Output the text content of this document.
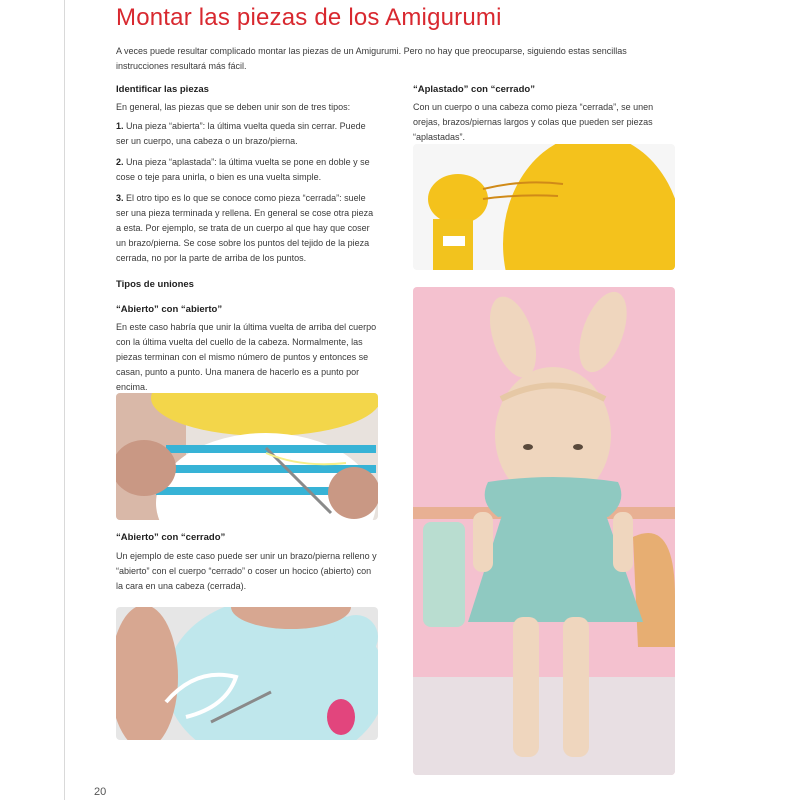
Montar las piezas de los Amigurumi

A veces puede resultar complicado montar las piezas de un Amigurumi. Pero no hay que preocuparse, siguiendo estas sencillas instrucciones resultará más fácil.

Identificar las piezas

En general, las piezas que se deben unir son de tres tipos:

1. Una pieza “abierta”: la última vuelta queda sin cerrar. Puede ser un cuerpo, una cabeza o un brazo/pierna.

2. Una pieza “aplastada”: la última vuelta se pone en doble y se cose o teje para unirla, o bien es una vuelta simple.

3. El otro tipo es lo que se conoce como pieza “cerrada”: suele ser una pieza terminada y rellena. En general se cose otra pieza a esta. Por ejemplo, se trata de un cuerpo al que hay que coser un brazo/pierna. Se cose sobre los puntos del tejido de la pieza cerrada, no por la parte de arriba de los puntos.

Tipos de uniones
“Abierto” con “abierto”

En este caso habría que unir la última vuelta de arriba del cuerpo con la última vuelta del cuello de la cabeza. Normalmente, las piezas terminan con el mismo número de puntos y entonces se casan, punto a punto. Una manera de hacerlo es a punto por encima.

“Abierto” con “cerrado”

Un ejemplo de este caso puede ser unir un brazo/pierna relleno y “abierto” con el cuerpo “cerrado” o coser un hocico (abierto) con la cara en una cabeza (cerrada).

“Aplastado” con “cerrado”

Con un cuerpo o una cabeza como pieza “cerrada”, se unen orejas, brazos/piernas largos y colas que pueden ser piezas “aplastadas”.

20
